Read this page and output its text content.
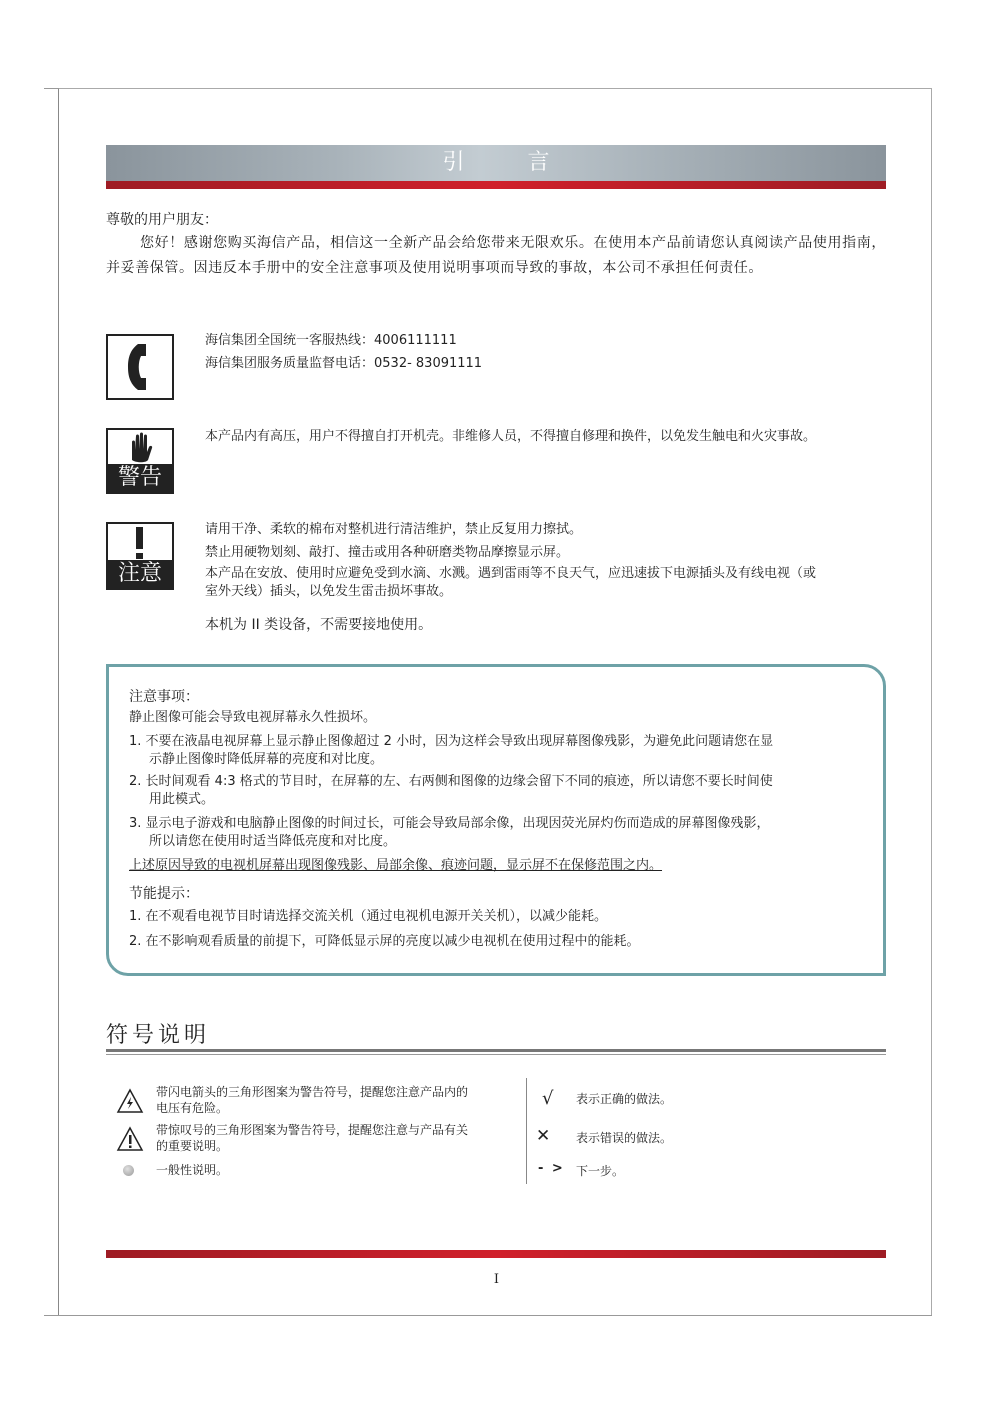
引 言
尊敬的用户朋友：
您好！感谢您购买海信产品，相信这一全新产品会给您带来无限欢乐。在使用本产品前请您认真阅读产品使用指南，并妥善保管。因违反本手册中的安全注意事项及使用说明事项而导致的事故，本公司不承担任何责任。
海信集团全国统一客服热线：4006111111
海信集团服务质量监督电话：0532- 83091111
警告
本产品内有高压，用户不得擅自打开机壳。非维修人员，不得擅自修理和换件，以免发生触电和火灾事故。
注意
请用干净、柔软的棉布对整机进行清洁维护，禁止反复用力擦拭。
禁止用硬物划刻、敲打、撞击或用各种研磨类物品摩擦显示屏。
本产品在安放、使用时应避免受到水滴、水溅。遇到雷雨等不良天气，应迅速拔下电源插头及有线电视（或
室外天线）插头，以免发生雷击损坏事故。
本机为 II 类设备，不需要接地使用。
注意事项：
静止图像可能会导致电视屏幕永久性损坏。
1. 不要在液晶电视屏幕上显示静止图像超过 2 小时，因为这样会导致出现屏幕图像残影，为避免此问题请您在显
示静止图像时降低屏幕的亮度和对比度。
2. 长时间观看 4:3 格式的节目时，在屏幕的左、右两侧和图像的边缘会留下不同的痕迹，所以请您不要长时间使
用此模式。
3. 显示电子游戏和电脑静止图像的时间过长，可能会导致局部余像，出现因荧光屏灼伤而造成的屏幕图像残影，
所以请您在使用时适当降低亮度和对比度。
上述原因导致的电视机屏幕出现图像残影、局部余像、痕迹问题，显示屏不在保修范围之内。
节能提示：
1. 在不观看电视节目时请选择交流关机（通过电视机电源开关关机），以减少能耗。
2. 在不影响观看质量的前提下，可降低显示屏的亮度以减少电视机在使用过程中的能耗。
符号说明
带闪电箭头的三角形图案为警告符号，提醒您注意产品内的
电压有危险。
带惊叹号的三角形图案为警告符号，提醒您注意与产品有关
的重要说明。
一般性说明。
√ 表示正确的做法。
✕ 表示错误的做法。
- > 下一步。
I
